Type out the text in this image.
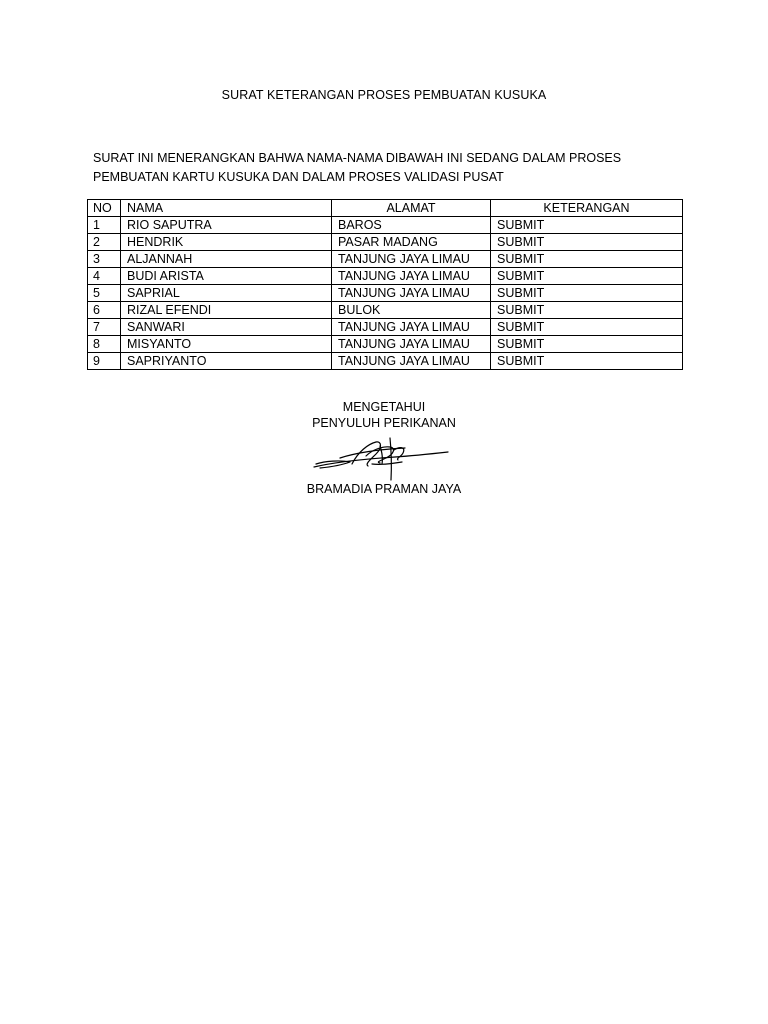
SURAT KETERANGAN PROSES PEMBUATAN KUSUKA

SURAT INI MENERANGKAN BAHWA NAMA-NAMA DIBAWAH INI SEDANG DALAM PROSES

PEMBUATAN KARTU KUSUKA DAN DALAM PROSES VALIDASI PUSAT

NO	NAMA	ALAMAT	KETERANGAN
1	RIO SAPUTRA	BAROS	SUBMIT
2	HENDRIK	PASAR MADANG	SUBMIT
3	ALJANNAH	TANJUNG JAYA LIMAU	SUBMIT
4	BUDI ARISTA	TANJUNG JAYA LIMAU	SUBMIT
5	SAPRIAL	TANJUNG JAYA LIMAU	SUBMIT
6	RIZAL EFENDI	BULOK	SUBMIT
7	SANWARI	TANJUNG JAYA LIMAU	SUBMIT
8	MISYANTO	TANJUNG JAYA LIMAU	SUBMIT
9	SAPRIYANTO	TANJUNG JAYA LIMAU	SUBMIT
MENGETAHUI
PENYULUH PERIKANAN
BRAMADIA PRAMAN JAYA
